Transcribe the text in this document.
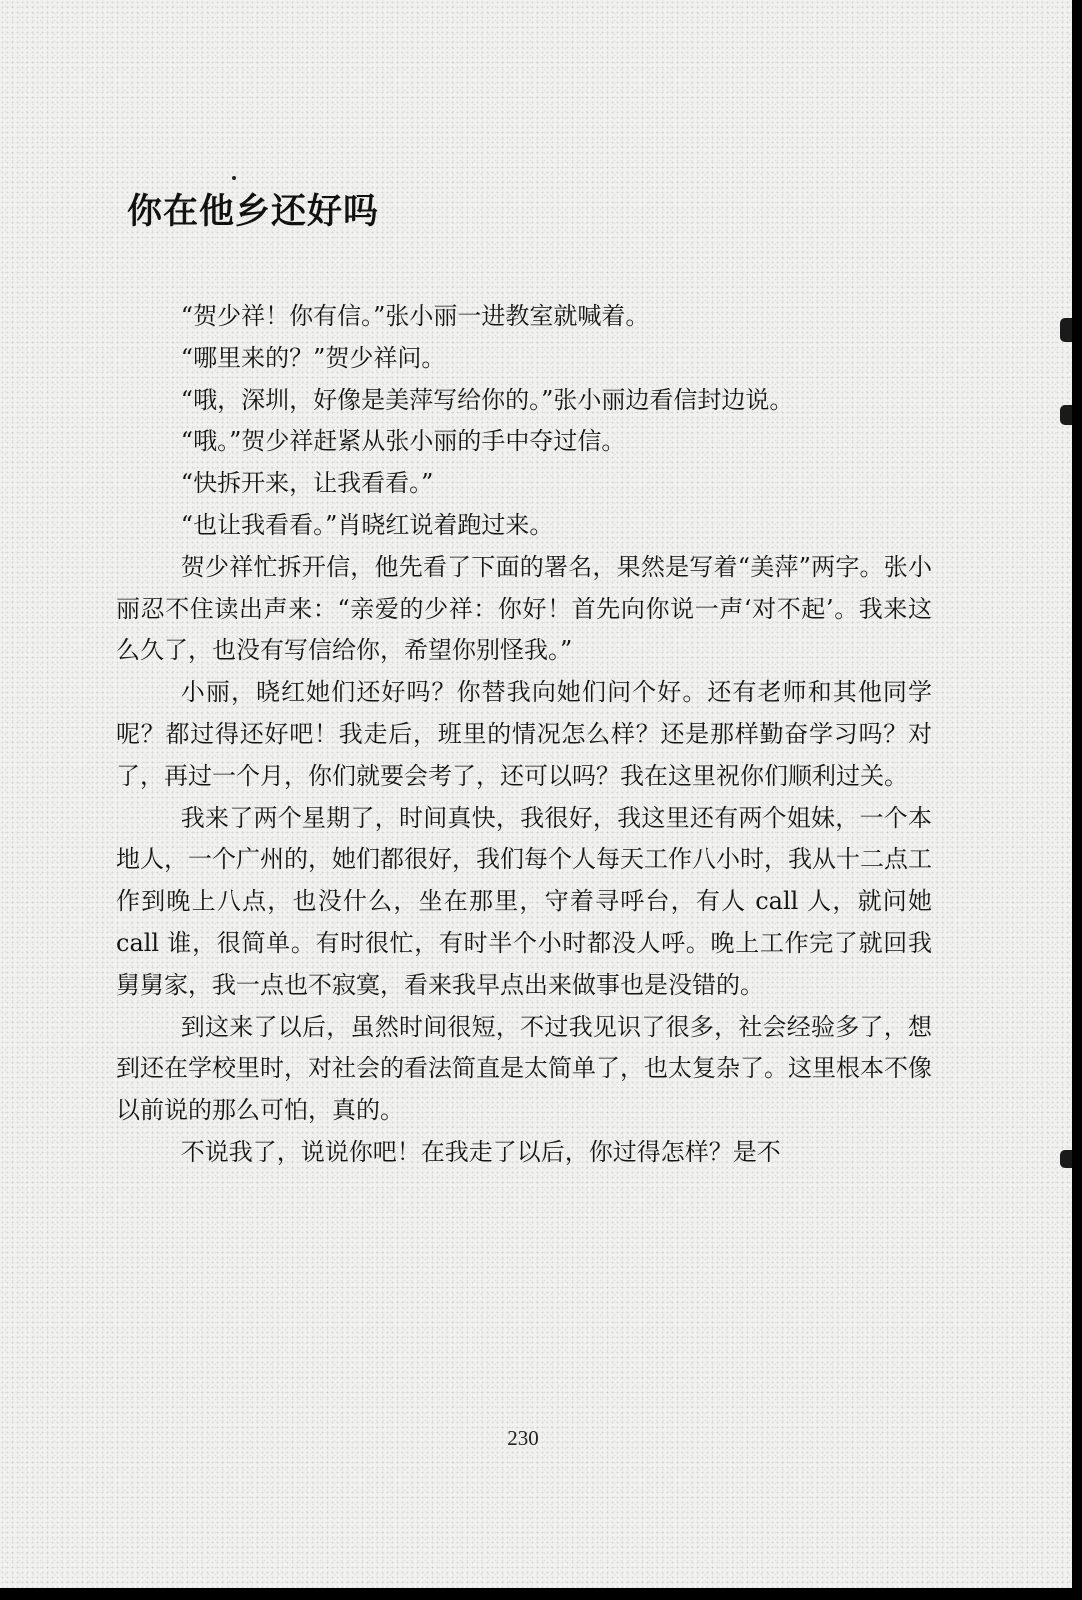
你在他乡还好吗

“贺少祥！你有信。”张小丽一进教室就喊着。

“哪里来的？”贺少祥问。

“哦，深圳，好像是美萍写给你的。”张小丽边看信封边说。

“哦。”贺少祥赶紧从张小丽的手中夺过信。

“快拆开来，让我看看。”

“也让我看看。”肖晓红说着跑过来。

贺少祥忙拆开信，他先看了下面的署名，果然是写着“美萍”两字。张小丽忍不住读出声来：“亲爱的少祥：你好！首先向你说一声‘对不起’。我来这么久了，也没有写信给你，希望你别怪我。”

小丽，晓红她们还好吗？你替我向她们问个好。还有老师和其他同学呢？都过得还好吧！我走后，班里的情况怎么样？还是那样勤奋学习吗？对了，再过一个月，你们就要会考了，还可以吗？我在这里祝你们顺利过关。

我来了两个星期了，时间真快，我很好，我这里还有两个姐妹，一个本地人，一个广州的，她们都很好，我们每个人每天工作八小时，我从十二点工作到晚上八点，也没什么，坐在那里，守着寻呼台，有人 call 人，就问她 call 谁，很简单。有时很忙，有时半个小时都没人呼。晚上工作完了就回我舅舅家，我一点也不寂寞，看来我早点出来做事也是没错的。

到这来了以后，虽然时间很短，不过我见识了很多，社会经验多了，想到还在学校里时，对社会的看法简直是太简单了，也太复杂了。这里根本不像以前说的那么可怕，真的。

不说我了，说说你吧！在我走了以后，你过得怎样？是不

230
